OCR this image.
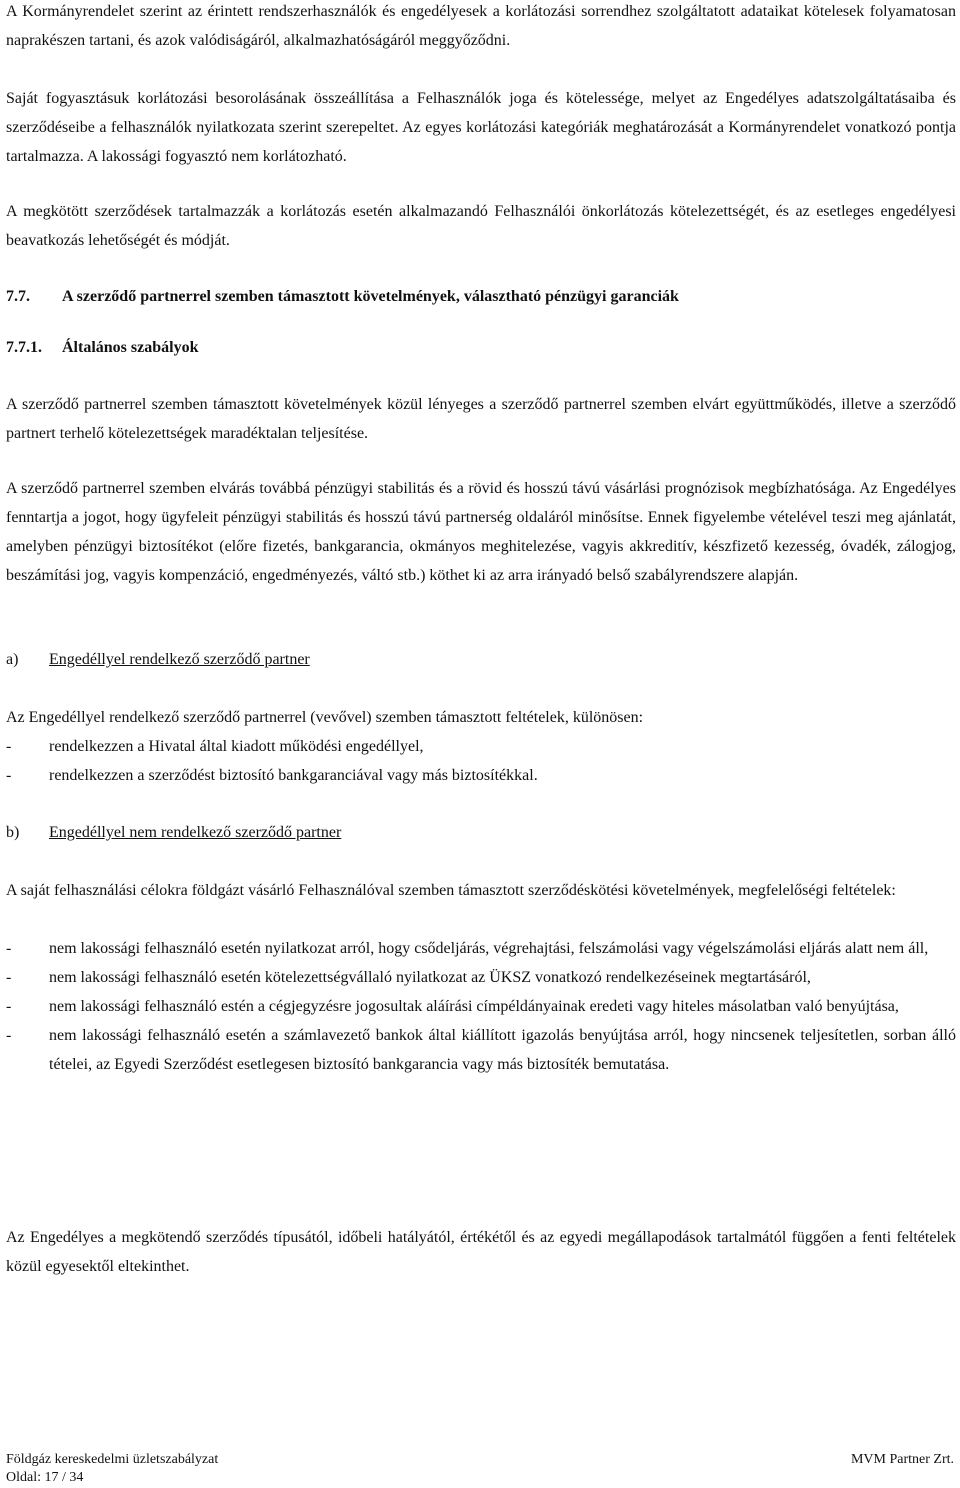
A Kormányrendelet szerint az érintett rendszerhasználók és engedélyesek a korlátozási sorrendhez szolgáltatott adataikat kötelesek folyamatosan naprakészen tartani, és azok valódiságáról, alkalmazhatóságáról meggyőződni.

Saját fogyasztásuk korlátozási besorolásának összeállítása a Felhasználók joga és kötelessége, melyet az Engedélyes adatszolgáltatásaiba és szerződéseibe a felhasználók nyilatkozata szerint szerepeltet. Az egyes korlátozási kategóriák meghatározását a Kormányrendelet vonatkozó pontja tartalmazza. A lakossági fogyasztó nem korlátozható.

A megkötött szerződések tartalmazzák a korlátozás esetén alkalmazandó Felhasználói önkorlátozás kötelezettségét, és az esetleges engedélyesi beavatkozás lehetőségét és módját.

7.7. A szerződő partnerrel szemben támasztott követelmények, választható pénzügyi garanciák
7.7.1. Általános szabályok

A szerződő partnerrel szemben támasztott követelmények közül lényeges a szerződő partnerrel szemben elvárt együttműködés, illetve a szerződő partnert terhelő kötelezettségek maradéktalan teljesítése.

A szerződő partnerrel szemben elvárás továbbá pénzügyi stabilitás és a rövid és hosszú távú vásárlási prognózisok megbízhatósága. Az Engedélyes fenntartja a jogot, hogy ügyfeleit pénzügyi stabilitás és hosszú távú partnerség oldaláról minősítse. Ennek figyelembe vételével teszi meg ajánlatát, amelyben pénzügyi biztosítékot (előre fizetés, bankgarancia, okmányos meghitelezése, vagyis akkreditív, készfizető kezesség, óvadék, zálogjog, beszámítási jog, vagyis kompenzáció, engedményezés, váltó stb.) köthet ki az arra irányadó belső szabályrendszere alapján.

a) Engedéllyel rendelkező szerződő partner

Az Engedéllyel rendelkező szerződő partnerrel (vevővel) szemben támasztott feltételek, különösen:

- rendelkezzen a Hivatal által kiadott működési engedéllyel,
- rendelkezzen a szerződést biztosító bankgaranciával vagy más biztosítékkal.
b) Engedéllyel nem rendelkező szerződő partner

A saját felhasználási célokra földgázt vásárló Felhasználóval szemben támasztott szerződéskötési követelmények, megfelelőségi feltételek:

- nem lakossági felhasználó esetén nyilatkozat arról, hogy csődeljárás, végrehajtási, felszámolási vagy végelszámolási eljárás alatt nem áll,
- nem lakossági felhasználó esetén kötelezettségvállaló nyilatkozat az ÜKSZ vonatkozó rendelkezéseinek megtartásáról,
- nem lakossági felhasználó estén a cégjegyzésre jogosultak aláírási címpéldányainak eredeti vagy hiteles másolatban való benyújtása,
- nem lakossági felhasználó esetén a számlavezető bankok által kiállított igazolás benyújtása arról, hogy nincsenek teljesítetlen, sorban álló tételei, az Egyedi Szerződést esetlegesen biztosító bankgarancia vagy más biztosíték bemutatása.

Az Engedélyes a megkötendő szerződés típusától, időbeli hatályától, értékétől és az egyedi megállapodások tartalmától függően a fenti feltételek közül egyesektől eltekinthet.

Földgáz kereskedelmi üzletszabályzat	MVM Partner Zrt.
Oldal: 17 / 34
